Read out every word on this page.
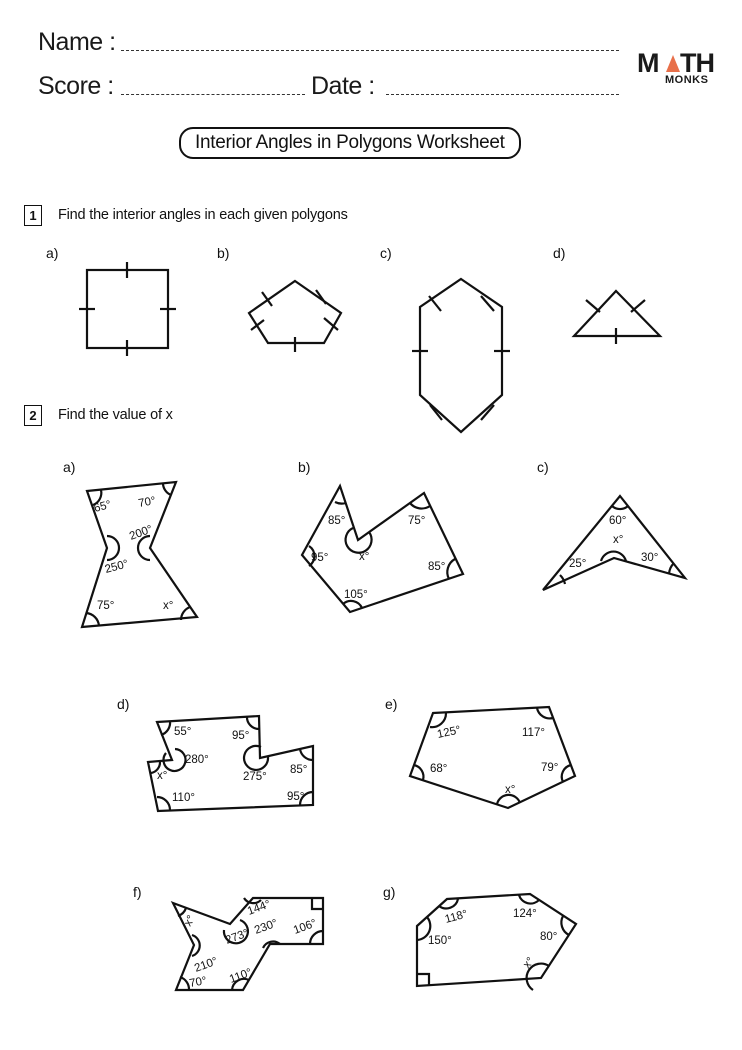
Name :
Score :	Date :
M TH
MONKS
Interior Angles in Polygons Worksheet
1	Find the interior angles in each given polygons
a)	b)	c)	d)
2	Find the value of x
a)	b)	c)
d)	e)
f)	g)
65° 70°
200°
250°
75°	x°
85°	75°
x°
95°
85°
105°
60°
x°
25°	30°
55°	95°
280°
x°	275°
85°
110°	95°
125°	117°
68°	79°
x°
x°
144°
273°
230° 106°
210°
70° 110°
118°	124°
150°	80°
x°
